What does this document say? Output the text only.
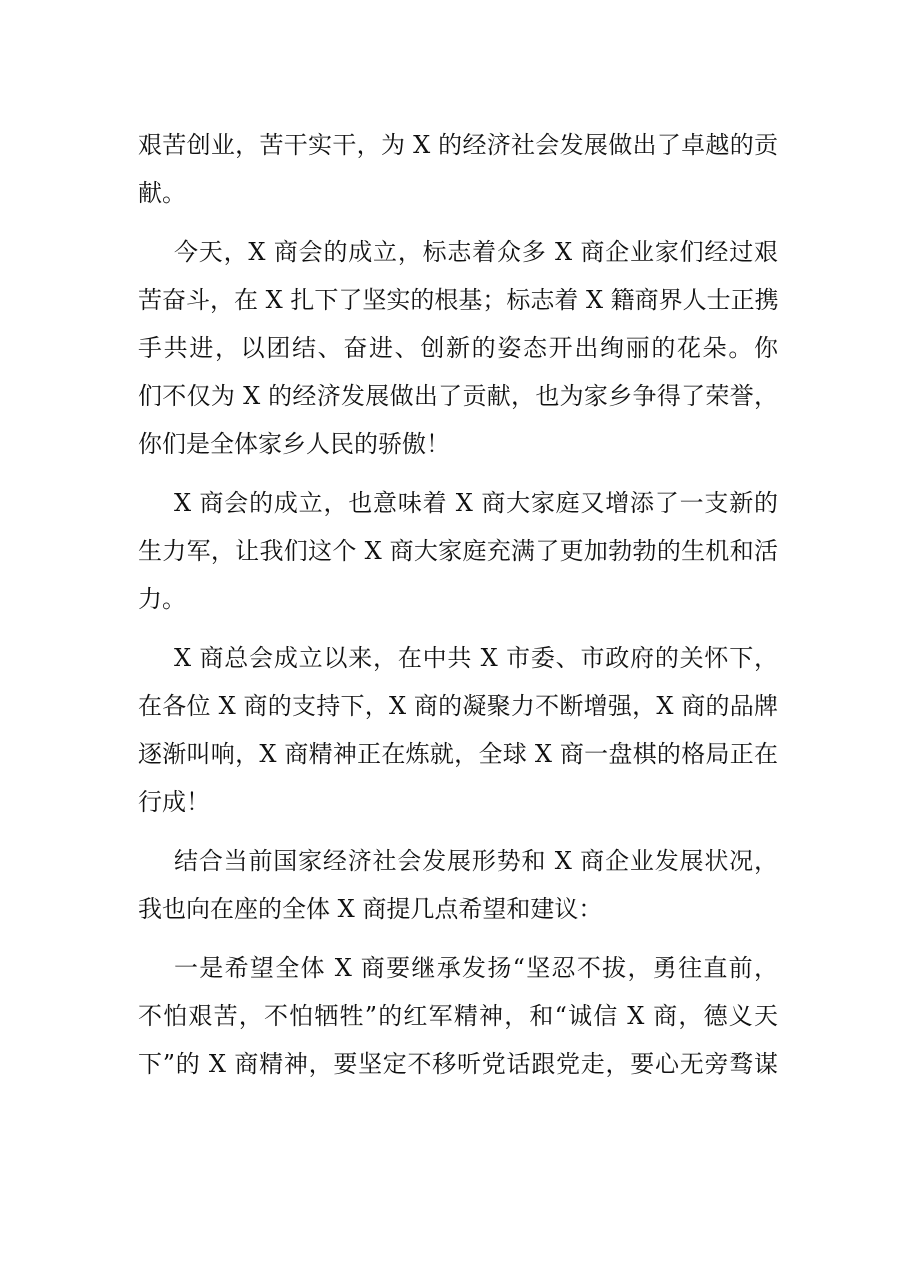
艰苦创业，苦干实干，为 X 的经济社会发展做出了卓越的贡
献。
今天，X 商会的成立，标志着众多 X 商企业家们经过艰
苦奋斗，在 X 扎下了坚实的根基；标志着 X 籍商界人士正携
手共进，以团结、奋进、创新的姿态开出绚丽的花朵。你
们不仅为 X 的经济发展做出了贡献，也为家乡争得了荣誉，
你们是全体家乡人民的骄傲！
X 商会的成立，也意味着 X 商大家庭又增添了一支新的
生力军，让我们这个 X 商大家庭充满了更加勃勃的生机和活
力。
X 商总会成立以来，在中共 X 市委、市政府的关怀下，
在各位 X 商的支持下，X 商的凝聚力不断增强，X 商的品牌
逐渐叫响，X 商精神正在炼就，全球 X 商一盘棋的格局正在
行成！
结合当前国家经济社会发展形势和 X 商企业发展状况，
我也向在座的全体 X 商提几点希望和建议：
一是希望全体 X 商要继承发扬“坚忍不拔，勇往直前，
不怕艰苦，不怕牺牲”的红军精神，和“诚信 X 商，德义天
下”的 X 商精神，要坚定不移听党话跟党走，要心无旁骛谋
